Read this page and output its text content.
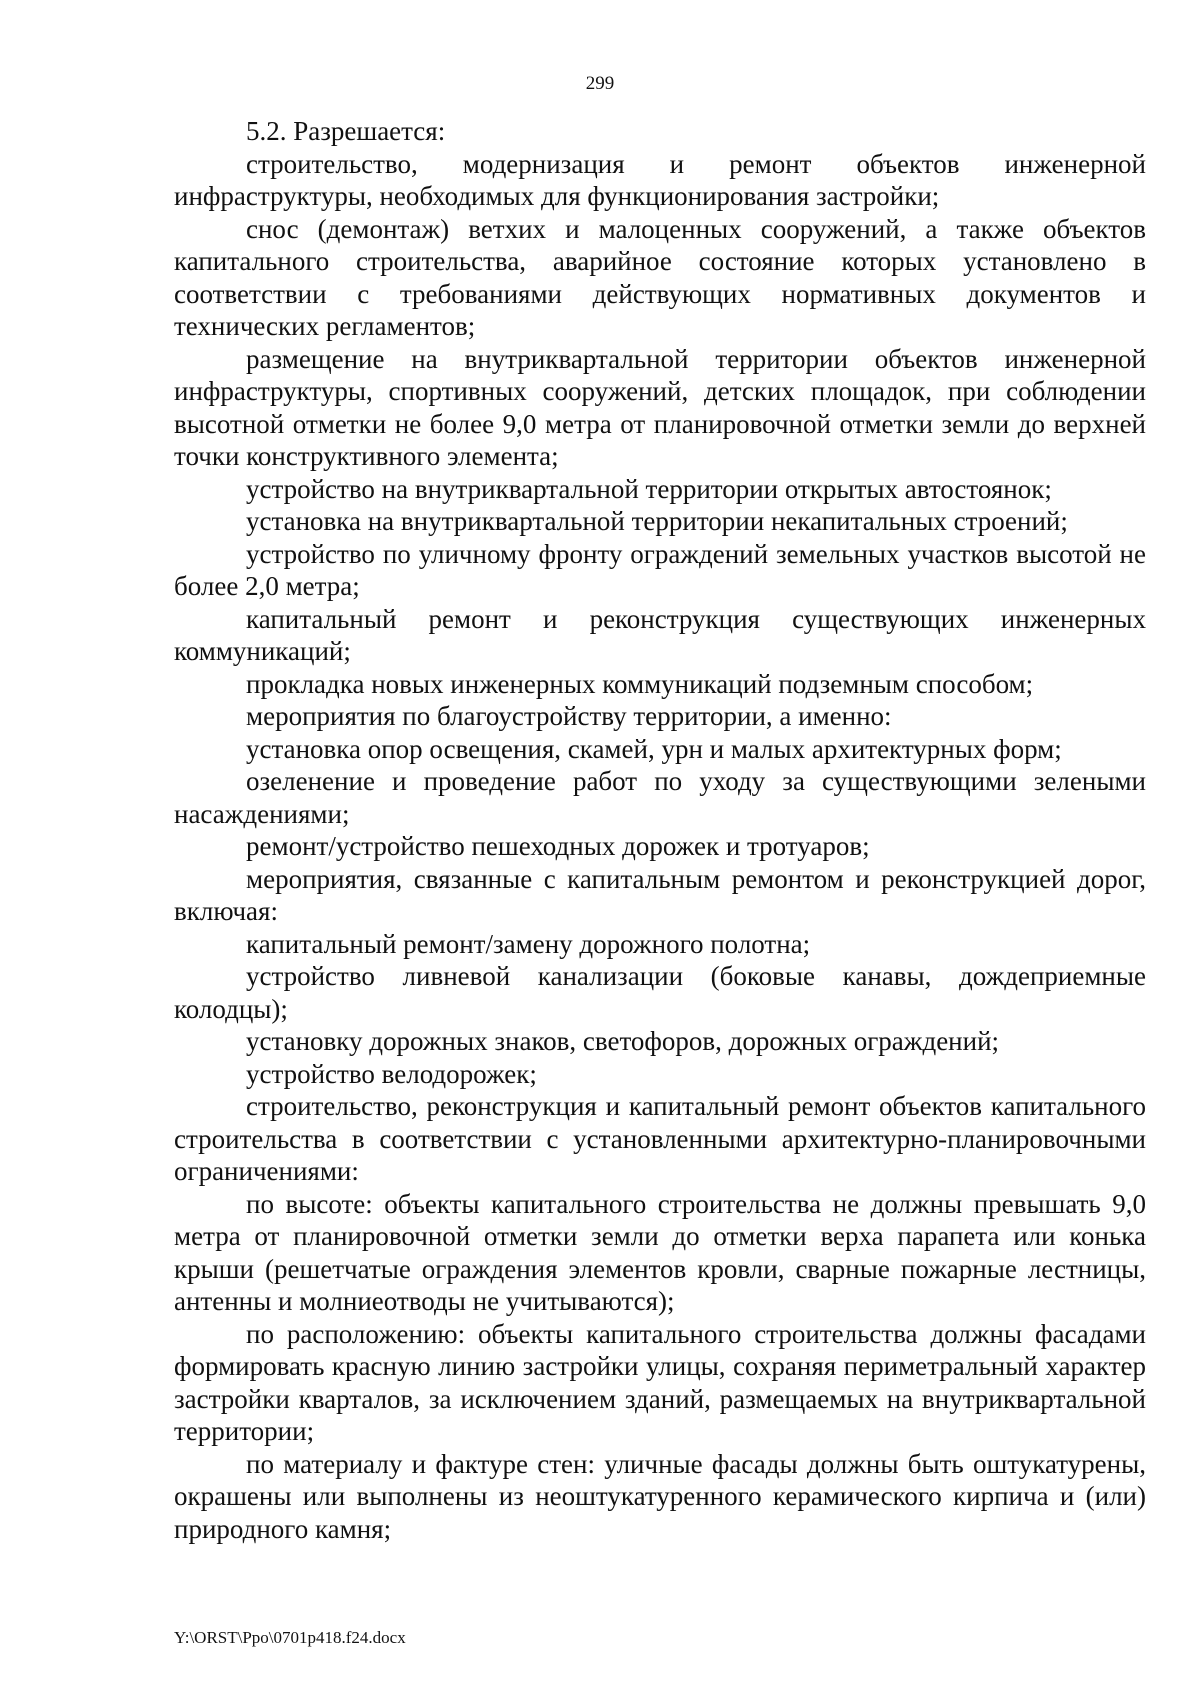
299

5.2. Разрешается:

строительство, модернизация и ремонт объектов инженерной инфраструктуры, необходимых для функционирования застройки;

снос (демонтаж) ветхих и малоценных сооружений, а также объектов капитального строительства, аварийное состояние которых установлено в соответствии с требованиями действующих нормативных документов и технических регламентов;

размещение на внутриквартальной территории объектов инженерной инфраструктуры, спортивных сооружений, детских площадок, при соблюдении высотной отметки не более 9,0 метра от планировочной отметки земли до верхней точки конструктивного элемента;

устройство на внутриквартальной территории открытых автостоянок;

установка на внутриквартальной территории некапитальных строений;

устройство по уличному фронту ограждений земельных участков высотой не более 2,0 метра;

капитальный ремонт и реконструкция существующих инженерных коммуникаций;

прокладка новых инженерных коммуникаций подземным способом;

мероприятия по благоустройству территории, а именно:

установка опор освещения, скамей, урн и малых архитектурных форм;

озеленение и проведение работ по уходу за существующими зелеными насаждениями;

ремонт/устройство пешеходных дорожек и тротуаров;

мероприятия, связанные с капитальным ремонтом и реконструкцией дорог, включая:

капитальный ремонт/замену дорожного полотна;

устройство ливневой канализации (боковые канавы, дождеприемные колодцы);

установку дорожных знаков, светофоров, дорожных ограждений;

устройство велодорожек;

строительство, реконструкция и капитальный ремонт объектов капитального строительства в соответствии с установленными архитектурно-планировочными ограничениями:

по высоте: объекты капитального строительства не должны превышать 9,0 метра от планировочной отметки земли до отметки верха парапета или конька крыши (решетчатые ограждения элементов кровли, сварные пожарные лестницы, антенны и молниеотводы не учитываются);

по расположению: объекты капитального строительства должны фасадами формировать красную линию застройки улицы, сохраняя периметральный характер застройки кварталов, за исключением зданий, размещаемых на внутриквартальной территории;

по материалу и фактуре стен: уличные фасады должны быть оштукатурены, окрашены или выполнены из неоштукатуренного керамического кирпича и (или) природного камня;

Y:\ORST\Ppo\0701p418.f24.docx
